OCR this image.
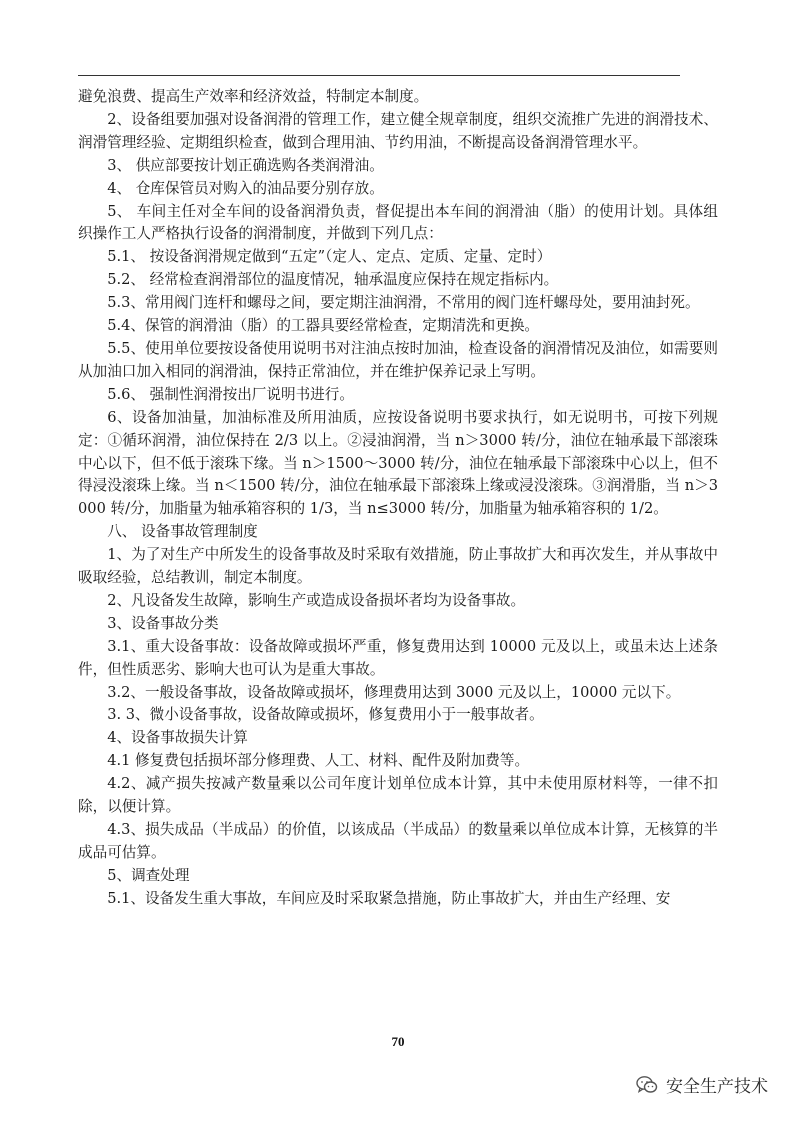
避免浪费、提高生产效率和经济效益，特制定本制度。

2、设备组要加强对设备润滑的管理工作，建立健全规章制度，组织交流推广先进的润滑技术、润滑管理经验、定期组织检查，做到合理用油、节约用油，不断提高设备润滑管理水平。

3、 供应部要按计划正确选购各类润滑油。

4、 仓库保管员对购入的油品要分别存放。

5、 车间主任对全车间的设备润滑负责，督促提出本车间的润滑油（脂）的使用计划。具体组织操作工人严格执行设备的润滑制度，并做到下列几点：

5.1、 按设备润滑规定做到“五定”（定人、定点、定质、定量、定时）

5.2、 经常检查润滑部位的温度情况，轴承温度应保持在规定指标内。

5.3、常用阀门连杆和螺母之间，要定期注油润滑，不常用的阀门连杆螺母处，要用油封死。

5.4、保管的润滑油（脂）的工器具要经常检查，定期清洗和更换。

5.5、使用单位要按设备使用说明书对注油点按时加油，检查设备的润滑情况及油位，如需要则从加油口加入相同的润滑油，保持正常油位，并在维护保养记录上写明。

5.6、 强制性润滑按出厂说明书进行。

6、设备加油量，加油标准及所用油质，应按设备说明书要求执行，如无说明书，可按下列规定：①循环润滑，油位保持在 2/3 以上。②浸油润滑，当 n＞3000 转/分，油位在轴承最下部滚珠中心以下，但不低于滚珠下缘。当 n＞1500～3000 转/分，油位在轴承最下部滚珠中心以上，但不得浸没滚珠上缘。当 n＜1500 转/分，油位在轴承最下部滚珠上缘或浸没滚珠。③润滑脂，当 n＞3000 转/分，加脂量为轴承箱容积的 1/3，当 n≤3000 转/分，加脂量为轴承箱容积的 1/2。

八、 设备事故管理制度

1、为了对生产中所发生的设备事故及时采取有效措施，防止事故扩大和再次发生，并从事故中吸取经验，总结教训，制定本制度。

2、凡设备发生故障，影响生产或造成设备损坏者均为设备事故。

3、设备事故分类

3.1、重大设备事故：设备故障或损坏严重，修复费用达到 10000 元及以上，或虽未达上述条件，但性质恶劣、影响大也可认为是重大事故。

3.2、一般设备事故，设备故障或损坏，修理费用达到 3000 元及以上，10000 元以下。

3. 3、微小设备事故，设备故障或损坏，修复费用小于一般事故者。

4、设备事故损失计算

4.1 修复费包括损坏部分修理费、人工、材料、配件及附加费等。

4.2、减产损失按减产数量乘以公司年度计划单位成本计算，其中未使用原材料等，一律不扣除，以便计算。

4.3、损失成品（半成品）的价值，以该成品（半成品）的数量乘以单位成本计算，无核算的半成品可估算。

5、调查处理

5.1、设备发生重大事故，车间应及时采取紧急措施，防止事故扩大，并由生产经理、安

70
安全生产技术
